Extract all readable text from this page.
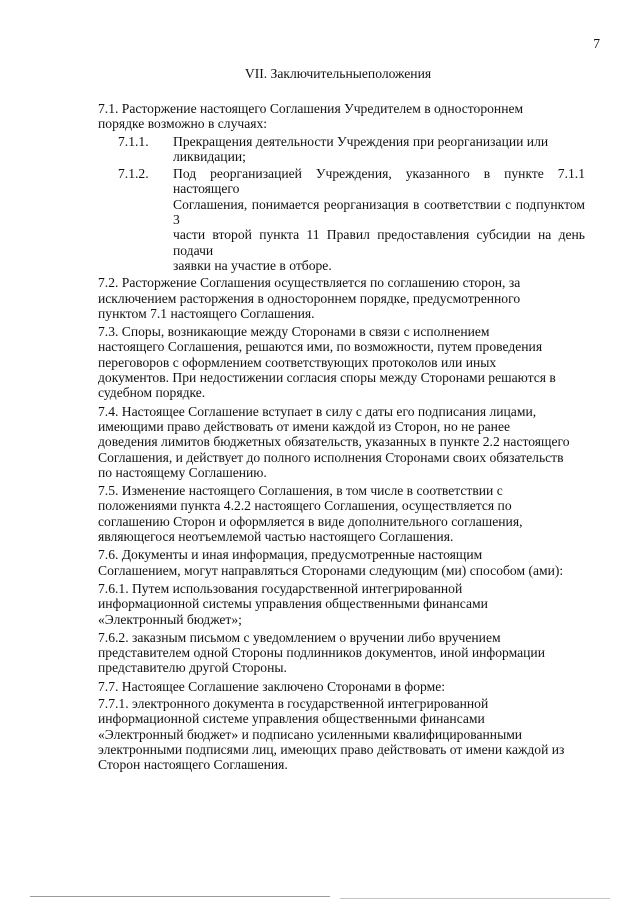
7
VII. Заключительныеположения

7.1. Расторжение настоящего Соглашения Учредителем в одностороннем
порядке возможно в случаях:

7.1.1.	Прекращения деятельности Учреждения при реорганизации или
ликвидации;
7.1.2.	Под реорганизацией Учреждения, указанного в пункте 7.1.1 настоящего
Соглашения, понимается реорганизация в соответствии с подпунктом 3
части второй пункта 11 Правил предоставления субсидии на день подачи
заявки на участие в отборе.

7.2. Расторжение Соглашения осуществляется по соглашению сторон, за
исключением расторжения в одностороннем порядке, предусмотренного
пунктом 7.1 настоящего Соглашения.

7.3. Споры, возникающие между Сторонами в связи с исполнением
настоящего Соглашения, решаются ими, по возможности, путем проведения
переговоров с оформлением соответствующих протоколов или иных
документов. При недостижении согласия споры между Сторонами решаются в
судебном порядке.

7.4. Настоящее Соглашение вступает в силу с даты его подписания лицами,
имеющими право действовать от имени каждой из Сторон, но не ранее
доведения лимитов бюджетных обязательств, указанных в пункте 2.2 настоящего
Соглашения, и действует до полного исполнения Сторонами своих обязательств
по настоящему Соглашению.

7.5. Изменение настоящего Соглашения, в том числе в соответствии с
положениями пункта 4.2.2 настоящего Соглашения, осуществляется по
соглашению Сторон и оформляется в виде дополнительного соглашения,
являющегося неотъемлемой частью настоящего Соглашения.

7.6. Документы и иная информация, предусмотренные настоящим
Соглашением, могут направляться Сторонами следующим (ми) способом (ами):

7.6.1. Путем использования государственной интегрированной
информационной системы управления общественными финансами
«Электронный бюджет»;

7.6.2. заказным письмом с уведомлением о вручении либо вручением
представителем одной Стороны подлинников документов, иной информации
представителю другой Стороны.

7.7. Настоящее Соглашение заключено Сторонами в форме:

7.7.1. электронного документа в государственной интегрированной
информационной системе управления общественными финансами
«Электронный бюджет» и подписано усиленными квалифицированными
электронными подписями лиц, имеющих право действовать от имени каждой из
Сторон настоящего Соглашения.
